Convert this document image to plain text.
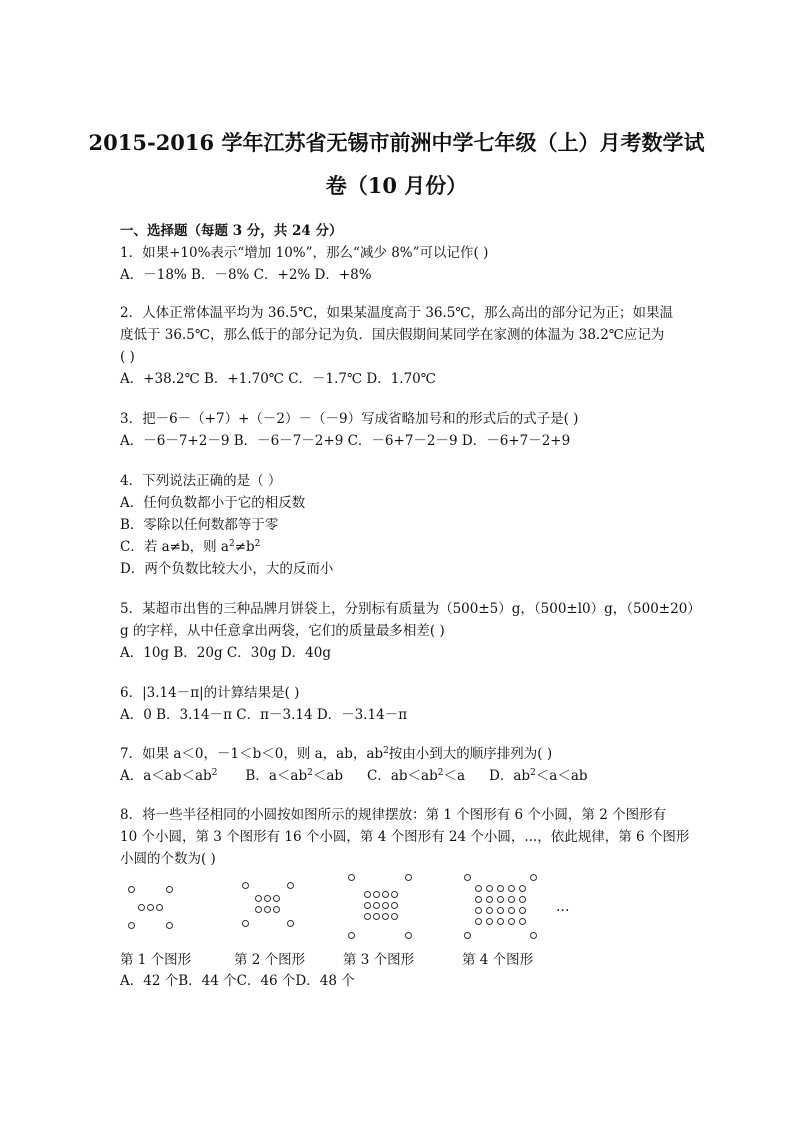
2015-2016 学年江苏省无锡市前洲中学七年级（上）月考数学试
卷（10 月份）
一、选择题（每题 3 分，共 24 分）
1．如果+10%表示“增加 10%”，那么“减少 8%”可以记作( )
A．－18% B．－8% C．+2% D．+8%
2．人体正常体温平均为 36.5℃，如果某温度高于 36.5℃，那么高出的部分记为正；如果温
度低于 36.5℃，那么低于的部分记为负．国庆假期间某同学在家测的体温为 38.2℃应记为
( )
A．+38.2℃ B．+1.70℃ C．－1.7℃ D．1.70℃
3．把－6－（+7）+（－2）－（－9）写成省略加号和的形式后的式子是( )
A．－6－7+2－9 B．－6－7－2+9 C．－6+7－2－9 D．－6+7－2+9
4．下列说法正确的是（ ）
A．任何负数都小于它的相反数
B．零除以任何数都等于零
C．若 a≠b，则 $a^2\ne b^2$
D．两个负数比较大小，大的反而小
5．某超市出售的三种品牌月饼袋上，分别标有质量为（500±5）g，（500±l0）g，（500±20）
g 的字样，从中任意拿出两袋，它们的质量最多相差( )
A．10g B．20g C．30g D．40g
6．|3.14－π|的计算结果是( )
A．0 B．3.14－π C．π－3.14 D．－3.14－π
7．如果 a＜0，－1＜b＜0，则 a，ab，$ab^2$按由小到大的顺序排列为( )
A．$a<ab<ab^2$ B．$a<ab^2<ab$ C．$ab<ab^2<a$ D．$ab^2<a<ab$
8．将一些半径相同的小圆按如图所示的规律摆放：第 1 个图形有 6 个小圆，第 2 个图形有
10 个小圆，第 3 个图形有 16 个小圆，第 4 个图形有 24 个小圆，...，依此规律，第 6 个图形
小圆的个数为( )
…
第 1 个图形	第 2 个图形	第 3 个图形	第 4 个图形
A．42 个B．44 个C．46 个D．48 个
